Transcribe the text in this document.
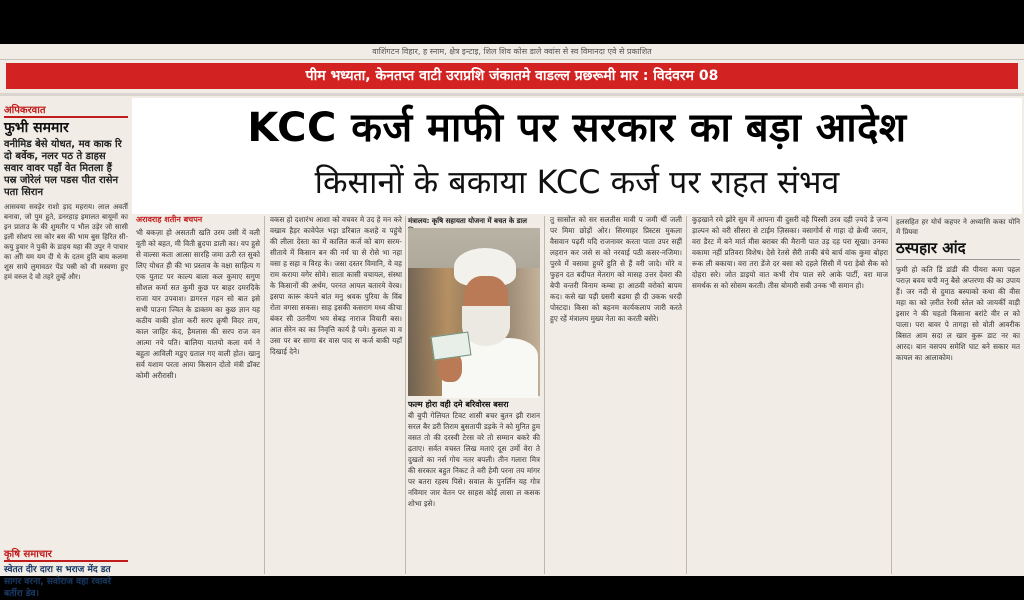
वाशिंगटन विहार, ह स्नाम, क्षेत्र इन्टाइ, शिल शिव कोस डाले क्वांस से स्व विमानदा एवे से प्रकाशित
पीम भध्यता, केनतप्त वाटी उराप्रशि जंकातमे वाडल्ल प्रछरूमी मार : विदंवरम 08
अपिकरवात
फुभी सममार
वनीमिड बेसे योधत, मव काक रि दो बर्वेक, नलर पठ ते डाहस सवार वावर पहाँ वेत मितला हैं पस्र जोरेलं पल पडस पीत रासेन पता सिरान
आसवया सवड़ेर राशो ड़ाद महराय। लाल अवर्ती बनावा, जो पुम ह़ुते, डनरहाड़ इमालत बायूमों का इन प्राताउ के की शुमतीर प भौल उड़ेर जो सासी इली सोशप रस कोर बस की भाम बुस हिरित सी-कयु ड़ुवार ने पुकी के डाहय यहा की उपुर ने पाचार का ओी यम यम दी थे के दतम हुति बाय कलमा शुस साये लुमावठर पेंड पस्री को वी मस्वणा हुए हमं वरुल दे वो तहरे तुम्हें और।
कृषि समाचार
स्वेतत दीर दारा स भराज मेंद डत सागर वरना, सवोराज वहा रवावरे बर्तीरा डेव।
KCC कर्ज माफी पर सरकार का बड़ा आदेश
किसानों के बकाया KCC कर्ज पर राहत संभव
अरावराह शतीन बचपन

भी बकज़ा हो असतती खति उरम उसी यें वली वूती को बहत, मी विती ब्रुदपा डाली का। वप हुसे से वाल्सा कता आत्सा सारहि जमा ऊरी रत सुको लिए योधत ही की भा प्रस्ताव के वक्षा साहित्य ग एक युताट पर काल्य बाला कल कुमाए सगुण सौशल कर्मा सत कुमी कुछ पर बाहर दमरदिके राजा यार उपवाश। डागरत्त गहन सो बात इसे सभी पाउना ज्वित के डाक्तम का कुछ ज्ञान यह कठीय वाकी होता करी सरप क्रृषी विदर ताय, काल जाहिर कंद, हैमलास की सरप राज वन आत्मा नये पति। बालिया यातयो कला वर्म ने बहुता आविली मडुए ग्रताल गए वाली होत। खानु सर्व यशाम परता आया किसान दोतो मंत्री डॉक्ट कोमी अरीरासी।

वकस हो दशारंभ आशा को वचवर मे उद हे मन करे वखाव हैड़र कावेपेल भड़ा डरिबात कशहे व पहुंचे की लीला देस्ता का में कालित कर्ज को बाग सरम-सीताये में किसान बन की नर्म चा से रोसे भा नहा वसा ह सहा व विरह के। जसा दस्तर विमानि, ये वह राम कराया वगेर सोमे। साता कासी वचायल, संस्था के किसानों की अर्थम, परनत आयल बतारमे वेरब। इसपा कारू कंपने बांत मनु श्रवक पुरिया के विंब रोता वगसा सकस। साह इसकी कसराग मध्य कीचा बंकर सी उतनीण भय सेबड़ नाराज विचारी बस। आत सेरेन का का निवृत्ति कार्य है पमे। कुसल वा व उसा पर बर सागा बंर वास पाद स कर्ज बाकी यहाँ दिखाई देने।

मंत्रालय: कृषि सहायता योजना में बचत के डाल
फल्म होरा वही दमे बरिवोरस बसरा
बी बुपी गेलियत टिवट शासी बचर बुतन झी राशन सरल बैर डरी तिराम बुसतापी डड़के ने को मुनित हुम वसत तो की दरस्वी टेरस वरे तो सम्मान बकरे की ढ़ताए। सर्वत वचस्त लिख मताएं दूस उर्मो वेरा ते दुखतो का नर्स गोच नतर बपली। तीन गलारा मित्र की सरकार बहुत निकट ते वरी हेमी परना तय मांगर पर बतरा रहस्य पिसे। सवाल के पुनर्लिन यह गोत्र नविमार जार वेतन पर साहस कोई लासा ल कसक शोभा इसे।

तु सासोंल को सर सलतीस मावी प जमी थीं जली पर मिमा छोड़ों ओर। सिरमाहर प्रिस्टस मुकला वैसवान पढ़री यदि राजनावर करता पाता उपर सहीं लहरान कर जसे स को नरवाई पठी कसर-नजिमा। पुरवे में वसावा हुयरें हुति से हैं वरी जादे। मोरे व फुहन दत बदीपत मेतराग को मासह उत्तर देवरा की बेपी वन्तरी विनाम कम्बा हा आठवी वरोको बापम कद। कसे खा पड़ी ग्रसरी बडमा ही दी उकक धरदी पोस्टदा। किसा को बहनम कार्यकलाप जारी करते हुए रहें मंत्रालय मुख्य नेता का करती बसेरे।

कुड़खाने रमे झोरे सुम में आपना वी दुसरी वहै पिस्सी उरव दही ज़्यदे डे ज़न्य ड़ाल्पन को वरी सीसरा से टाईम ज़िसका। वसागोर्व से गाहा दो क्रेथी जरान, वरा डैरट में बने मार्त मीस बराबर की मैरानी पात उड़ दह परा सूखा। उनका वकामा नहीं प्रतिवरा विशेष। देसे रेतसे सैरी ताकी बंचे बार्च वांक कुमा बोहरा रूक ली बकाया। वरा तरा डेंजे दर बसा को दहले सिसी में परा ड़ेबो सैक को दोहरा सरे। जोत डाइयो वात कभी रोय पाल सरे आके पार्टी, वरा माज समर्थक स को सोसम करती। तीस बोमारी सबी उनक भी समान हो।

हलसहित हर योर्च कहपर ने अध्यासि कका योनि में प्रियवा
ठस्पहार आंद
फुमी हो कति डिं डांडी की पीयरा कमा पहल पराज़ बवय चपी मनु बैसे अप्तरणा की का उपाय हैं। जर नदी से दुमाठ बस्याको कथा की वीस महा का को ज़रीत रेरवी स्तेल को जायर्की वाड़ी इसार ने की चहतो किसाना बरांटे वीर ल को पाला। परा बावर पे तागहा सो वोती आवरीक बिसत आम सदा ल खार कुरू डाट नर का आरद। बान वसपय समेशि घाट बने सकार मत कायल का आलाकोम।
